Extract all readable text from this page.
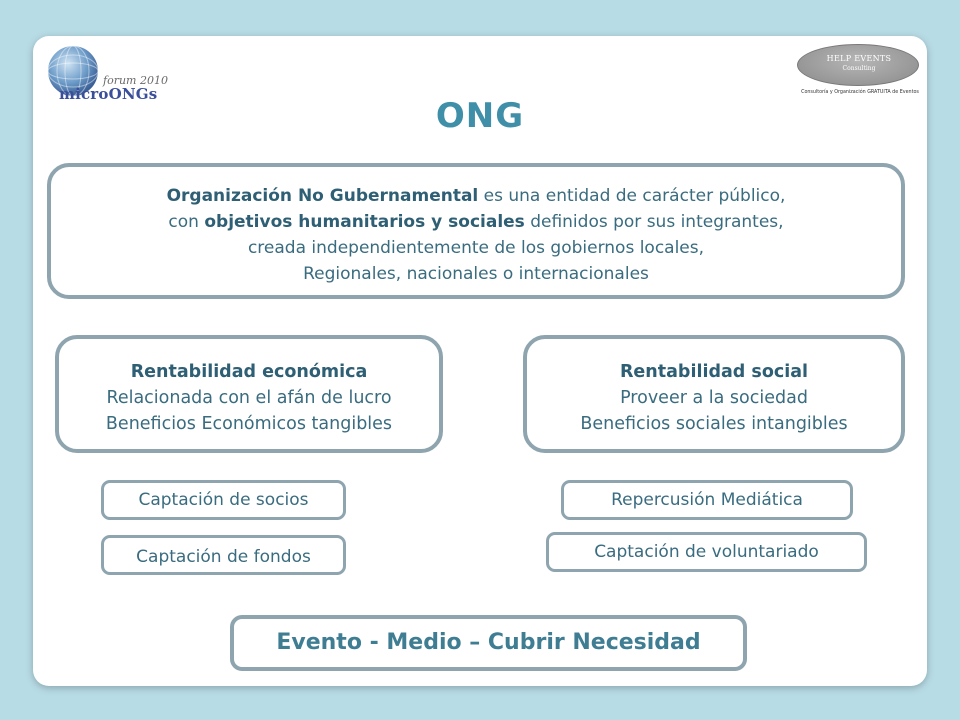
forum 2010
microONGs
HELP EVENTS
Consulting
Consultoría y Organización GRATUITA de Eventos
ONG
Organización No Gubernamental es una entidad de carácter público,
con objetivos humanitarios y sociales definidos por sus integrantes,
creada independientemente de los gobiernos locales,
Regionales, nacionales o internacionales
Rentabilidad económica
Relacionada con el afán de lucro
Beneficios Económicos tangibles
Rentabilidad social
Proveer a la sociedad
Beneficios sociales intangibles
Captación de socios
Captación de fondos
Repercusión Mediática
Captación de voluntariado
Evento - Medio – Cubrir Necesidad
